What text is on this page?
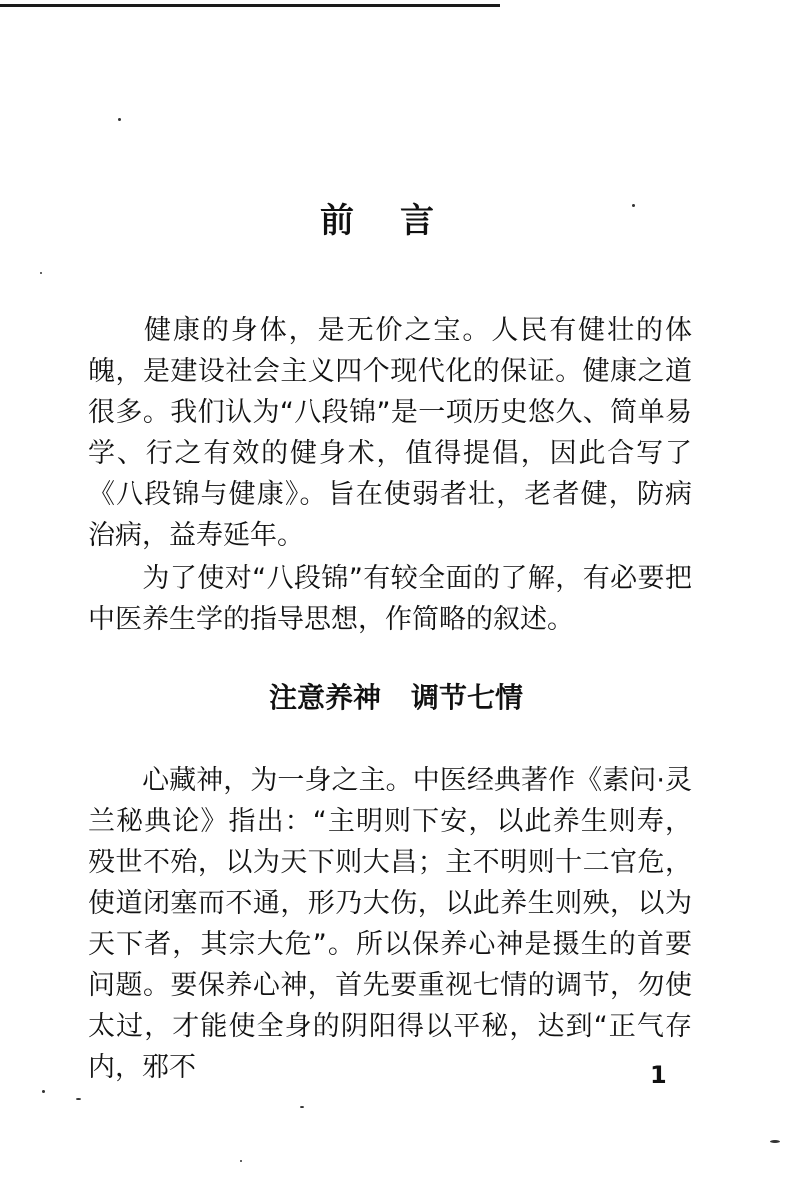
前言
健康的身体，是无价之宝。人民有健壮的体魄，是建设社会主义四个现代化的保证。健康之道很多。我们认为“八段锦”是一项历史悠久、简单易学、行之有效的健身术，值得提倡，因此合写了《八段锦与健康》。旨在使弱者壮，老者健，防病治病，益寿延年。
为了使对“八段锦”有较全面的了解，有必要把中医养生学的指导思想，作简略的叙述。
注意养神 调节七情
心藏神，为一身之主。中医经典著作《素问·灵兰秘典论》指出：“主明则下安，以此养生则寿，殁世不殆，以为天下则大昌；主不明则十二官危，使道闭塞而不通，形乃大伤，以此养生则殃，以为天下者，其宗大危”。所以保养心神是摄生的首要问题。要保养心神，首先要重视七情的调节，勿使太过，才能使全身的阴阳得以平秘，达到“正气存内，邪不	1
